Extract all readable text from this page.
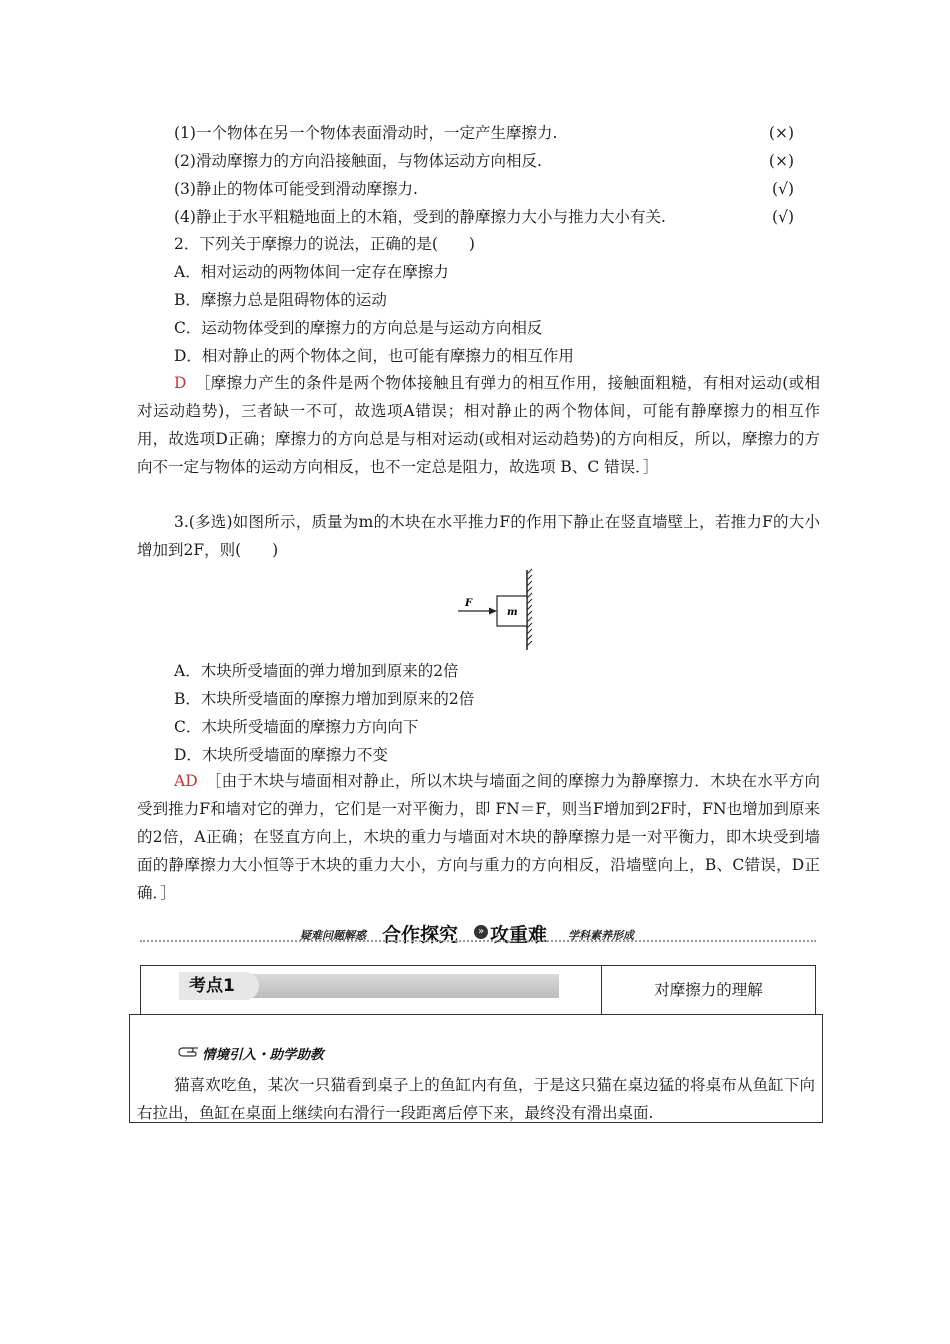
(1)一个物体在另一个物体表面滑动时，一定产生摩擦力.	(×)
(2)滑动摩擦力的方向沿接触面，与物体运动方向相反.	(×)
(3)静止的物体可能受到滑动摩擦力.	(√)
(4)静止于水平粗糙地面上的木箱，受到的静摩擦力大小与推力大小有关.	(√)
2．下列关于摩擦力的说法，正确的是(　　)
A．相对运动的两物体间一定存在摩擦力
B．摩擦力总是阻碍物体的运动
C．运动物体受到的摩擦力的方向总是与运动方向相反
D．相对静止的两个物体之间，也可能有摩擦力的相互作用
D　 ［摩擦力产生的条件是两个物体接触且有弹力的相互作用，接触面粗糙，有相对运动(或相对运动趋势)，三者缺一不可，故选项A错误；相对静止的两个物体间，可能有静摩擦力的相互作用，故选项D正确；摩擦力的方向总是与相对运动(或相对运动趋势)的方向相反，所以，摩擦力的方向不一定与物体的运动方向相反，也不一定总是阻力，故选项 B、C 错误．］
3.(多选)如图所示，质量为m的木块在水平推力F的作用下静止在竖直墙壁上，若推力F的大小增加到2F，则(　　)
m
F
A．木块所受墙面的弹力增加到原来的2倍
B．木块所受墙面的摩擦力增加到原来的2倍
C．木块所受墙面的摩擦力方向向下
D．木块所受墙面的摩擦力不变
AD　 ［由于木块与墙面相对静止，所以木块与墙面之间的摩擦力为静摩擦力．木块在水平方向受到推力F和墙对它的弹力，它们是一对平衡力，即 FN＝F，则当F增加到2F时，FN也增加到原来的2倍，A正确；在竖直方向上，木块的重力与墙面对木块的静摩擦力是一对平衡力，即木块受到墙面的静摩擦力大小恒等于木块的重力大小，方向与重力的方向相反，沿墙壁向上，B、C错误，D正确．］
疑难问题解惑 合作探究	» 攻重难 学科素养形成
考点1	对摩擦力的理解
情境引入・助学助教
猫喜欢吃鱼，某次一只猫看到桌子上的鱼缸内有鱼，于是这只猫在桌边猛的将桌布从鱼缸下向右拉出，鱼缸在桌面上继续向右滑行一段距离后停下来，最终没有滑出桌面.
